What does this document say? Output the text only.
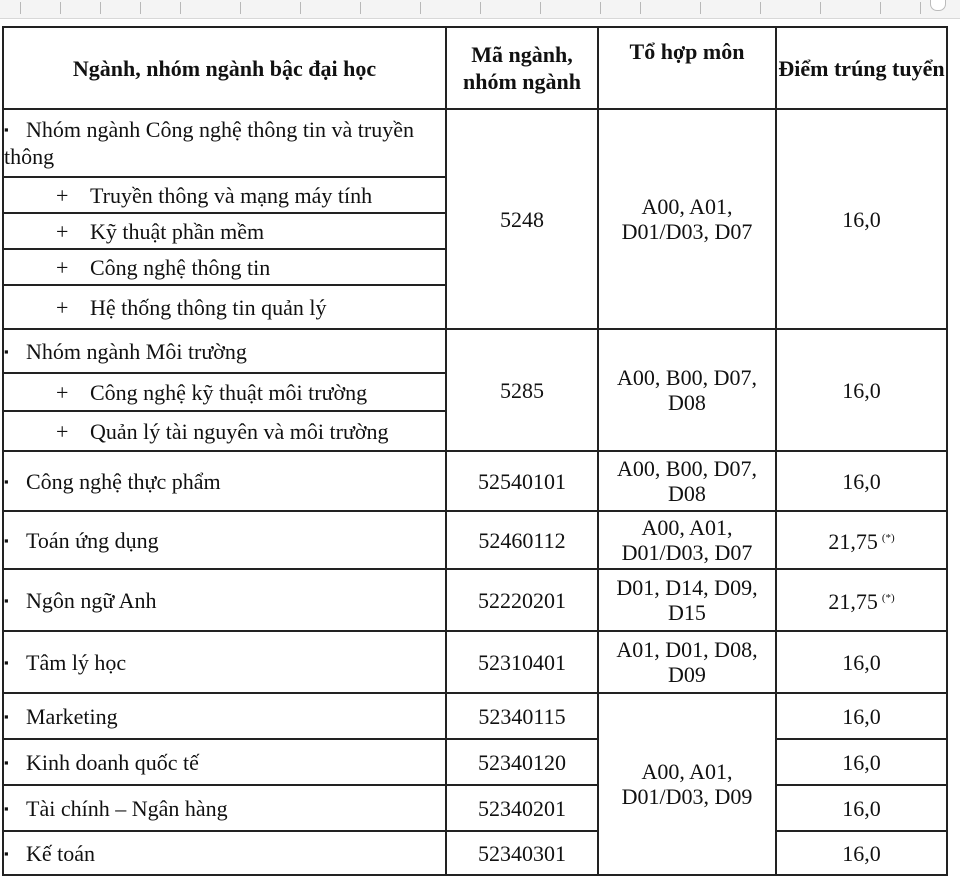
Ngành, nhóm ngành bậc đại học	Mã ngành, nhóm ngành	Tổ hợp môn	Điểm trúng tuyển
▪ Nhóm ngành Công nghệ thông tin và truyền thông	5248	A00, A01, D01/D03, D07	16,0
+ Truyền thông và mạng máy tính			
+ Kỹ thuật phần mềm			
+ Công nghệ thông tin			
+ Hệ thống thông tin quản lý			
▪ Nhóm ngành Môi trường	5285	A00, B00, D07, D08	16,0
+ Công nghệ kỹ thuật môi trường			
+ Quản lý tài nguyên và môi trường			
▪ Công nghệ thực phẩm	52540101	A00, B00, D07, D08	16,0
▪ Toán ứng dụng	52460112	A00, A01, D01/D03, D07	21,75 (*)
▪ Ngôn ngữ Anh	52220201	D01, D14, D09, D15	21,75 (*)
▪ Tâm lý học	52310401	A01, D01, D08, D09	16,0
▪ Marketing	52340115	A00, A01, D01/D03, D09	16,0
▪ Kinh doanh quốc tế	52340120		16,0
▪ Tài chính – Ngân hàng	52340201		16,0
▪ Kế toán	52340301		16,0
